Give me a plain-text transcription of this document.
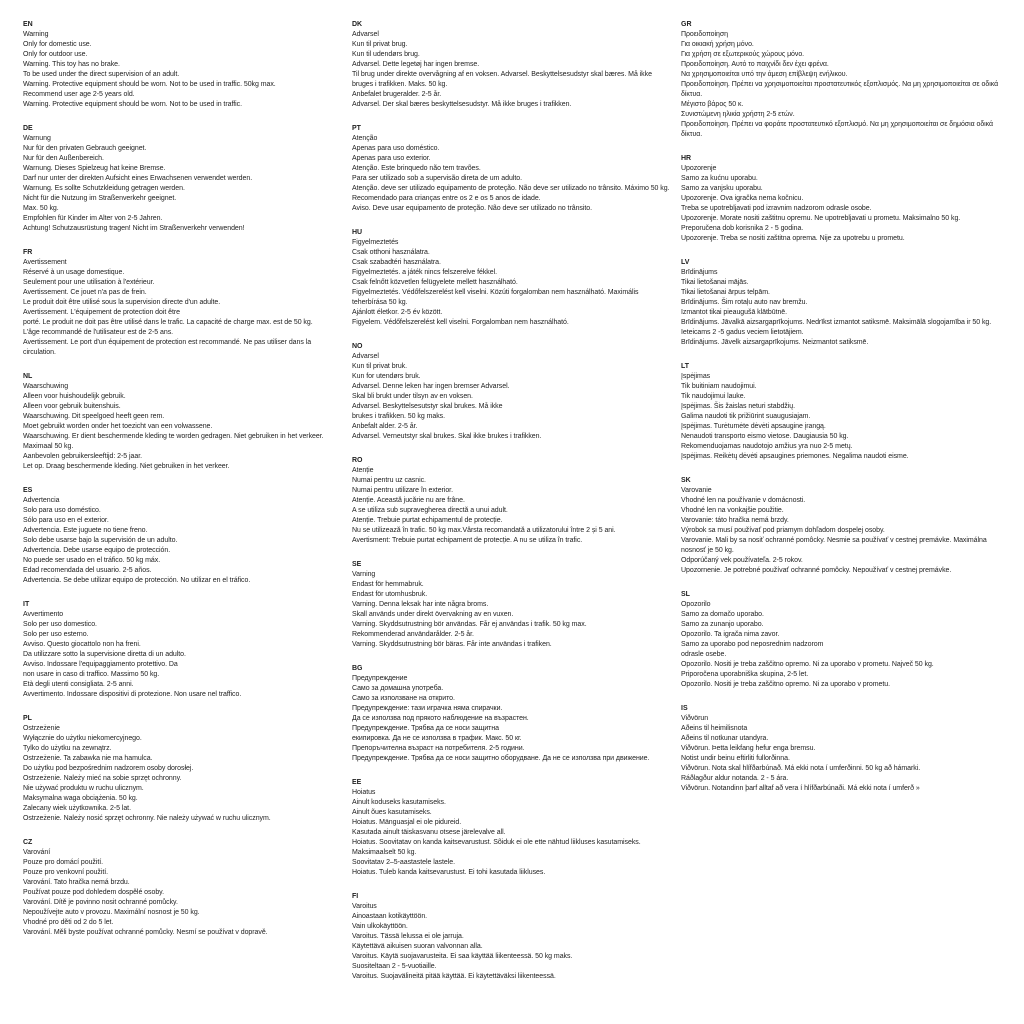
EN
Warning
Only for domestic use.
Only for outdoor use.
Warning. This toy has no brake.
To be used under the direct supervision of an adult.
Warning. Protective equipment should be worn. Not to be used in traffic. 50kg max.
Recommend user age 2-5 years old.
Warning. Protective equipment should be worn. Not to be used in traffic.
DE
Warnung
Nur für den privaten Gebrauch geeignet.
Nur für den Außenbereich.
Warnung. Dieses Spielzeug hat keine Bremse.
Darf nur unter der direkten Aufsicht eines Erwachsenen verwendet werden.
Warnung. Es sollte Schutzkleidung getragen werden.
Nicht für die Nutzung im Straßenverkehr geeignet.
Max. 50 kg.
Empfohlen für Kinder im Alter von 2-5 Jahren.
Achtung! Schutzausrüstung tragen! Nicht im Straßenverkehr verwenden!
FR
Avertissement
Réservé à un usage domestique.
Seulement pour une utilisation à l'extérieur.
Avertissement. Ce jouet n'a pas de frein.
Le produit doit être utilisé sous la supervision directe d'un adulte.
Avertissement. L'équipement de protection doit être
porté. Le produit ne doit pas être utilisé dans le trafic. La capacité de charge max. est de 50 kg.
L'âge recommandé de l'utilisateur est de 2-5 ans.
Avertissement. Le port d'un équipement de protection est recommandé. Ne pas utiliser dans la circulation.
NL
Waarschuwing
Alleen voor huishoudelijk gebruik.
Alleen voor gebruik buitenshuis.
Waarschuwing. Dit speelgoed heeft geen rem.
Moet gebruikt worden onder het toezicht van een volwassene.
Waarschuwing. Er dient beschermende kleding te worden gedragen. Niet gebruiken in het verkeer. Maximaal 50 kg.
Aanbevolen gebruikersleeftijd: 2-5 jaar.
Let op. Draag beschermende kleding. Niet gebruiken in het verkeer.
ES
Advertencia
Solo para uso doméstico.
Sólo para uso en el exterior.
Advertencia. Este juguete no tiene freno.
Solo debe usarse bajo la supervisión de un adulto.
Advertencia. Debe usarse equipo de protección.
No puede ser usado en el tráfico. 50 kg máx.
Edad recomendada del usuario. 2-5 años.
Advertencia. Se debe utilizar equipo de protección. No utilizar en el tráfico.
IT
Avvertimento
Solo per uso domestico.
Solo per uso esterno.
Avviso. Questo giocattolo non ha freni.
Da utilizzare sotto la supervisione diretta di un adulto.
Avviso. Indossare l'equipaggiamento protettivo. Da
non usare in caso di traffico. Massimo 50 kg.
Età degli utenti consigliata. 2-5 anni.
Avvertimento. Indossare dispositivi di protezione. Non usare nel traffico.
PL
Ostrzeżenie
Wyłącznie do użytku niekomercyjnego.
Tylko do użytku na zewnątrz.
Ostrzeżenie. Ta zabawka nie ma hamulca.
Do użytku pod bezpośrednim nadzorem osoby dorosłej.
Ostrzeżenie. Należy mieć na sobie sprzęt ochronny.
Nie używać produktu w ruchu ulicznym.
Maksymalna waga obciążenia. 50 kg.
Zalecany wiek użytkownika. 2-5 lat.
Ostrzeżenie. Należy nosić sprzęt ochronny. Nie należy używać w ruchu ulicznym.
CZ
Varování
Pouze pro domácí použití.
Pouze pro venkovní použití.
Varování. Tato hračka nemá brzdu.
Používat pouze pod dohledem dospělé osoby.
Varování. Dítě je povinno nosit ochranné pomůcky.
Nepoužívejte auto v provozu. Maximální nosnost je 50 kg.
Vhodné pro děti od 2 do 5 let.
Varování. Měli byste používat ochranné pomůcky. Nesmí se používat v dopravě.
DK
Advarsel
Kun til privat brug.
Kun til udendørs brug.
Advarsel. Dette legetøj har ingen bremse.
Til brug under direkte overvågning af en voksen. Advarsel. Beskyttelsesudstyr skal bæres. Må ikke bruges i trafikken. Maks. 50 kg.
Anbefalet brugeralder. 2-5 år.
Advarsel. Der skal bæres beskyttelsesudstyr. Må ikke bruges i trafikken.
PT
Atenção
Apenas para uso doméstico.
Apenas para uso exterior.
Atenção. Este brinquedo não tem travões.
Para ser utilizado sob a supervisão direta de um adulto.
Atenção. deve ser utilizado equipamento de proteção. Não deve ser utilizado no trânsito. Máximo 50 kg.
Recomendado para crianças entre os 2 e os 5 anos de idade.
Aviso. Deve usar equipamento de proteção. Não deve ser utilizado no trânsito.
HU
Figyelmeztetés
Csak otthoni használatra.
Csak szabadtéri használatra.
Figyelmeztetés. a játék nincs felszerelve fékkel.
Csak felnőtt közvetlen felügyelete mellett használható.
Figyelmeztetés. Védőfelszerelést kell viselni. Közúti forgalomban nem használható. Maximális teherbírása 50 kg.
Ajánlott életkor. 2-5 év között.
Figyelem. Védőfelszerelést kell viselni. Forgalomban nem használható.
NO
Advarsel
Kun til privat bruk.
Kun for utendørs bruk.
Advarsel. Denne leken har ingen bremser Advarsel.
Skal bli brukt under tilsyn av en voksen.
Advarsel. Beskyttelsesutstyr skal brukes. Må ikke
brukes i trafikken. 50 kg maks.
Anbefalt alder. 2-5 år.
Advarsel. Verneutstyr skal brukes. Skal ikke brukes i trafikken.
RO
Atenție
Numai pentru uz casnic.
Numai pentru utilizare în exterior.
Atenție. Această jucărie nu are frâne.
A se utiliza sub supravegherea directă a unui adult.
Atenție. Trebuie purtat echipamentul de protecție.
Nu se utilizează în trafic. 50 kg max.Vârsta recomandată a utilizatorului între 2 și 5 ani.
Avertisment: Trebuie purtat echipament de protecție. A nu se utiliza în trafic.
SE
Varning
Endast för hemmabruk.
Endast för utomhusbruk.
Varning. Denna leksak har inte några broms.
Skall används under direkt övervakning av en vuxen.
Varning. Skyddsutrustning bör användas. Får ej användas i trafik. 50 kg max.
Rekommenderad användarålder. 2-5 år.
Varning. Skyddsutrustning bör bäras. Får inte användas i trafiken.
BG
Предупреждение
Само за домашна употреба.
Само за използване на открито.
Предупреждение: тази играчка няма спирачки.
Да се използва под прякото наблюдение на възрастен.
Предупреждение. Трябва да се носи защитна
екипировка. Да не се използва в трафик. Макс. 50 кг.
Препоръчителна възраст на потребителя. 2-5 години.
Предупреждение. Трябва да се носи защитно оборудване. Да не се използва при движение.
EE
Hoiatus
Ainult koduseks kasutamiseks.
Ainult õues kasutamiseks.
Hoiatus. Mänguasjal ei ole pidureid.
Kasutada ainult täiskasvanu otsese järelevalve all.
Hoiatus. Soovitatav on kanda kaitsevarustust. Sõiduk ei ole ette nähtud liikluses kasutamiseks.
Maksimaalselt 50 kg.
Soovitatav 2–5-aastastele lastele.
Hoiatus. Tuleb kanda kaitsevarustust. Ei tohi kasutada liikluses.
FI
Varoitus
Ainoastaan kotikäyttöön.
Vain ulkokäyttöön.
Varoitus. Tässä lelussa ei ole jarruja.
Käytettävä aikuisen suoran valvonnan alla.
Varoitus. Käytä suojavarusteita. Ei saa käyttää liikenteessä. 50 kg maks.
Suositeltaan 2 - 5-vuotiaille.
Varoitus. Suojavälineitä pitää käyttää. Ei käytettäväksi liikenteessä.
GR
Προειδοποίηση
Για οικιακή χρήση μόνο.
Για χρήση σε εξωτερικούς χώρους μόνο.
Προειδοποίηση. Αυτό το παιχνίδι δεν έχει φρένα.
Να χρησιμοποιείται υπό την άμεση επίβλεψη ενήλικου.
Προειδοποίηση. Πρέπει να χρησιμοποιείται προστατευτικός εξοπλισμός. Να μη χρησιμοποιείται σε οδικά δίκτυα.
Μέγιστο βάρος 50 κ.
Συνιστώμενη ηλικία χρήστη 2-5 ετών.
Προειδοποίηση. Πρέπει να φοράτε προστατευτικό εξοπλισμό. Να μη χρησιμοποιείται σε δημόσια οδικά δίκτυα.
HR
Upozorenje
Samo za kućnu uporabu.
Samo za vanjsku uporabu.
Upozorenje. Ova igračka nema kočnicu.
Treba se upotrebljavati pod izravnim nadzorom odrasle osobe.
Upozorenje. Morate nositi zaštitnu opremu. Ne upotrebljavati u prometu. Maksimalno 50 kg.
Preporučena dob korisnika 2 - 5 godina.
Upozorenje. Treba se nositi zaštitna oprema. Nije za upotrebu u prometu.
LV
Brīdinājums
Tikai lietošanai mājās.
Tikai lietošanai ārpus telpām.
Brīdinājums. Šim rotaļu auto nav bremžu.
Izmantot tikai pieaugušā klātbūtnē.
Brīdinājums. Jāvalkā aizsargaprīkojums. Nedrīkst izmantot satiksmē. Maksimālā slogojamība ir 50 kg.
Ieteicams 2 -5 gadus veciem lietotājiem.
Brīdinājums. Jāvelk aizsargaprīkojums. Neizmantot satiksmē.
LT
Įspėjimas
Tik buitiniam naudojimui.
Tik naudojimui lauke.
Įspėjimas. Šis žaislas neturi stabdžių.
Galima naudoti tik prižiūrint suaugusiajam.
Įspėjimas. Turėtumėte dėvėti apsaugine įrangą.
Nenaudoti transporto eismo vietose. Daugiausia 50 kg.
Rekomenduojamas naudotojo amžius yra nuo 2-5 metų.
Įspėjimas. Reikėtų dėvėti apsaugines priemones. Negalima naudoti eisme.
SK
Varovanie
Vhodné len na používanie v domácnosti.
Vhodné len na vonkajšie použitie.
Varovanie: táto hračka nemá brzdy.
Výrobok sa musí používať pod priamym dohľadom dospelej osoby.
Varovanie. Mali by sa nosiť ochranné pomôcky. Nesmie sa používať v cestnej premávke. Maximálna nosnosť je 50 kg.
Odporúčaný vek používateľa. 2-5 rokov.
Upozornenie. Je potrebné používať ochranné pomôcky. Nepoužívať v cestnej premávke.
SL
Opozorilo
Samo za domačo uporabo.
Samo za zunanjo uporabo.
Opozorilo. Ta igrača nima zavor.
Samo za uporabo pod neposrednim nadzorom
odrasle osebe.
Opozorilo. Nositi je treba zaščitno opremo. Ni za uporabo v prometu. Največ 50 kg.
Priporočena uporabniška skupina, 2-5 let.
Opozorilo. Nositi je treba zaščitno opremo. Ni za uporabo v prometu.
IS
Viðvörun
Aðeins til heimilisnota
Aðeins til notkunar utandyra.
Viðvörun. Þetta leikfang hefur enga bremsu.
Notist undir beinu eftirliti fullorðinna.
Viðvörun. Nota skal hlífðarbúnað. Má ekki nota í umferðinni. 50 kg að hámarki.
Ráðlagður aldur notanda. 2 - 5 ára.
Viðvörun. Notandinn þarf alltaf að vera í hlífðarbúnaði. Má ekki nota í umferð »
